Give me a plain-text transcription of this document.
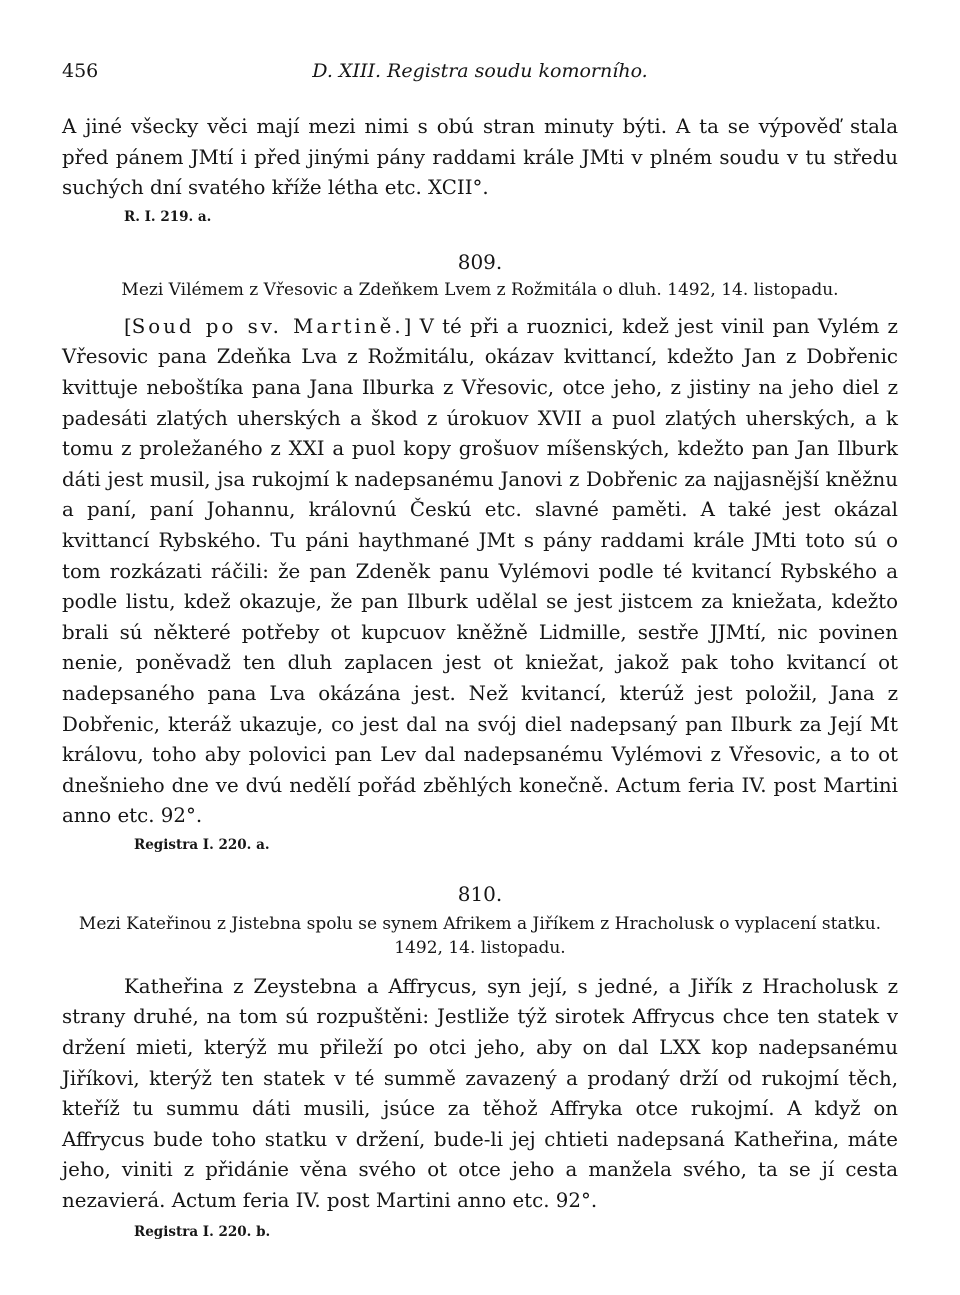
456	D. XIII. Registra soudu komorního.

A jiné všecky věci mají mezi nimi s obú stran minuty býti. A ta se výpověď stala před pánem JMtí i před jinými pány raddami krále JMti v plném soudu v tu středu suchých dní svatého kříže létha etc. XCII°.

R. I. 219. a.

809.

Mezi Vilémem z Vřesovic a Zdeňkem Lvem z Rožmitála o dluh. 1492, 14. listopadu.

[Soud po sv. Martině.] V té při a ruoznici, kdež jest vinil pan Vylém z Vřesovic pana Zdeňka Lva z Rožmitálu, okázav kvittancí, kdežto Jan z Dobřenic kvittuje neboštíka pana Jana Ilburka z Vřesovic, otce jeho, z jistiny na jeho diel z padesáti zlatých uherských a škod z úrokuov XVII a puol zlatých uherských, a k tomu z proležaného z XXI a puol kopy grošuov míšenských, kdežto pan Jan Ilburk dáti jest musil, jsa rukojmí k nadepsanému Janovi z Dobřenic za najjasnější kněžnu a paní, paní Johannu, královnú Českú etc. slavné paměti. A také jest okázal kvittancí Rybského. Tu páni haythmané JMt s pány raddami krále JMti toto sú o tom rozkázati ráčili: že pan Zdeněk panu Vylémovi podle té kvitancí Rybského a podle listu, kdež okazuje, že pan Ilburk udělal se jest jistcem za kniežata, kdežto brali sú některé potřeby ot kupcuov kněžně Lidmille, sestře JJMtí, nic povinen nenie, poněvadž ten dluh zaplacen jest ot kniežat, jakož pak toho kvitancí ot nadepsaného pana Lva okázána jest. Než kvitancí, kterúž jest položil, Jana z Dobřenic, kteráž ukazuje, co jest dal na svój diel nadepsaný pan Ilburk za Její Mt královu, toho aby polovici pan Lev dal nadepsanému Vylémovi z Vřesovic, a to ot dnešnieho dne ve dvú nedělí pořád zběhlých konečně. Actum feria IV. post Martini anno etc. 92°.

Registra I. 220. a.

810.

Mezi Kateřinou z Jistebna spolu se synem Afrikem a Jiříkem z Hracholusk o vyplacení statku.

1492, 14. listopadu.

Katheřina z Zeystebna a Affrycus, syn její, s jedné, a Jiřík z Hracholusk z strany druhé, na tom sú rozpuštěni: Jestliže týž sirotek Affrycus chce ten statek v držení mieti, kterýž mu přileží po otci jeho, aby on dal LXX kop nadepsanému Jiříkovi, kterýž ten statek v té summě zavazený a prodaný drží od rukojmí těch, kteříž tu summu dáti musili, jsúce za těhož Affryka otce rukojmí. A když on Affrycus bude toho statku v držení, bude-li jej chtieti nadepsaná Katheřina, máte jeho, viniti z přidánie věna svého ot otce jeho a manžela svého, ta se jí cesta nezavierá. Actum feria IV. post Martini anno etc. 92°.

Registra I. 220. b.
